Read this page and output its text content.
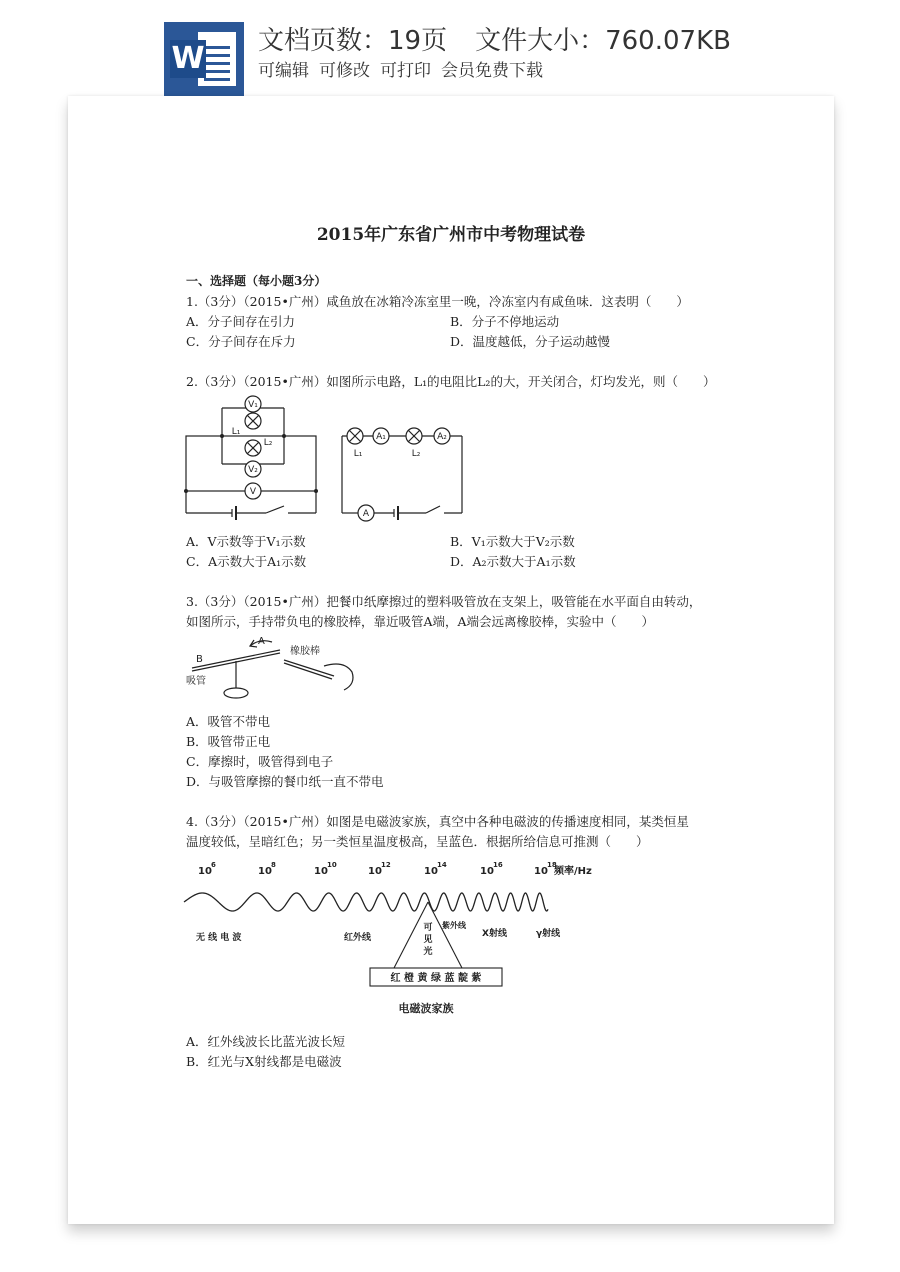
W 文档页数：19页 文件大小：760.07KB
可编辑 可修改 可打印 会员免费下载
2015年广东省广州市中考物理试卷
一、选择题（每小题3分）
1.（3分）（2015•广州）咸鱼放在冰箱冷冻室里一晚，冷冻室内有咸鱼味．这表明（　　）
A．分子间存在引力	B．分子不停地运动
C．分子间存在斥力	D．温度越低，分子运动越慢
2.（3分）（2015•广州）如图所示电路，L₁的电阻比L₂的大，开关闭合，灯均发光，则（　　）
V₁
L₁
L₂
V₂
V
A₁	A₂
L₁	L₂
A
A．V示数等于V₁示数	B．V₁示数大于V₂示数
C．A示数大于A₁示数	D．A₂示数大于A₁示数
3.（3分）（2015•广州）把餐巾纸摩擦过的塑料吸管放在支架上，吸管能在水平面自由转动，
如图所示，手持带负电的橡胶棒，靠近吸管A端，A端会远离橡胶棒，实验中（　　）
B
A
吸管
橡胶棒
A．吸管不带电
B．吸管带正电
C．摩擦时，吸管得到电子
D．与吸管摩擦的餐巾纸一直不带电
4.（3分）（2015•广州）如图是电磁波家族，真空中各种电磁波的传播速度相同，某类恒星
温度较低，呈暗红色；另一类恒星温度极高，呈蓝色．根据所给信息可推测（　　）
10
6
10
8
10
10
10
12
10
14
10
16
10
18
频率/Hz
无 线 电 波	红外线
紫外线
X射线	γ射线
可
见
光
红 橙 黄 绿 蓝 靛 紫
电磁波家族
A．红外线波长比蓝光波长短
B．红光与X射线都是电磁波
